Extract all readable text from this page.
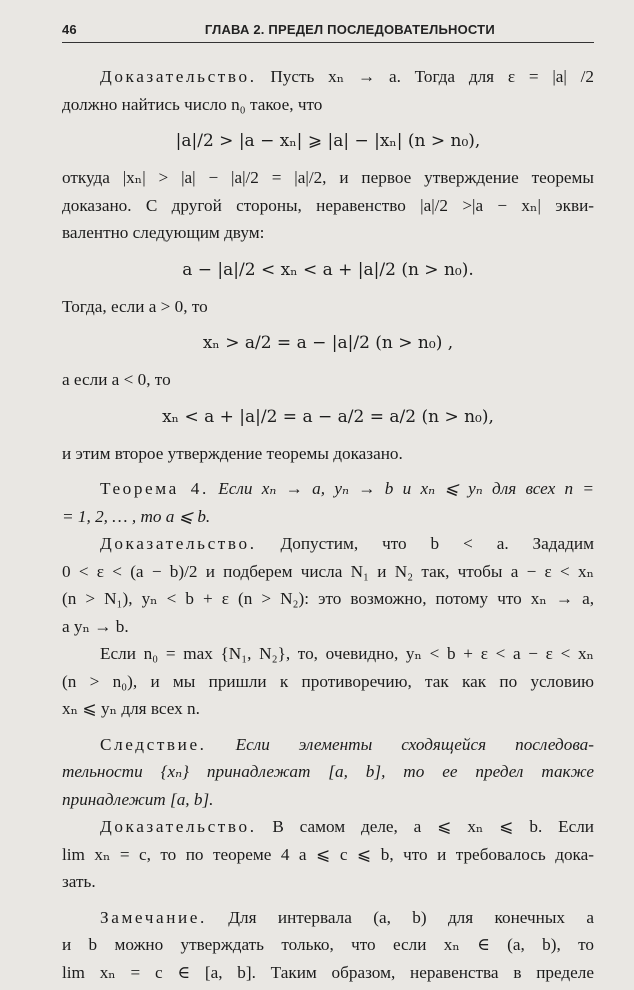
46	ГЛАВА 2. ПРЕДЕЛ ПОСЛЕДОВАТЕЛЬНОСТИ

Доказательство. Пусть xₙ → a. Тогда для ε = |a| /2

должно найтись число n₀ такое, что

|a|/2 > |a − xₙ| ⩾ |a| − |xₙ| (n > n₀),

откуда |xₙ| > |a| − |a|/2 = |a|/2, и первое утверждение теоремы

доказано. С другой стороны, неравенство |a|/2 >|a − xₙ| экви-

валентно следующим двум:

a − |a|/2 < xₙ < a + |a|/2 (n > n₀).

Тогда, если a > 0, то

xₙ > a/2 = a − |a|/2 (n > n₀) ,

а если a < 0, то

xₙ < a + |a|/2 = a − a/2 = a/2 (n > n₀),

и этим второе утверждение теоремы доказано.

Теорема 4. Если xₙ → a, yₙ → b и xₙ ⩽ yₙ для всех n =

= 1, 2, … , то a ⩽ b.

Доказательство. Допустим, что b < a. Зададим

0 < ε < (a − b)/2 и подберем числа N₁ и N₂ так, чтобы a − ε < xₙ

(n > N₁), yₙ < b + ε (n > N₂): это возможно, потому что xₙ → a,

а yₙ → b.

Если n₀ = max {N₁, N₂}, то, очевидно, yₙ < b + ε < a − ε < xₙ

(n > n₀), и мы пришли к противоречию, так как по условию

xₙ ⩽ yₙ для всех n.

Следствие. Если элементы сходящейся последова-

тельности {xₙ} принадлежат [a, b], то ее предел также

принадлежит [a, b].

Доказательство. В самом деле, a ⩽ xₙ ⩽ b. Если

lim xₙ = c, то по теореме 4 a ⩽ c ⩽ b, что и требовалось дока-

зать.

Замечание. Для интервала (a, b) для конечных a

и b можно утверждать только, что если xₙ ∈ (a, b), то

lim xₙ = c ∈ [a, b]. Таким образом, неравенства в пределе
